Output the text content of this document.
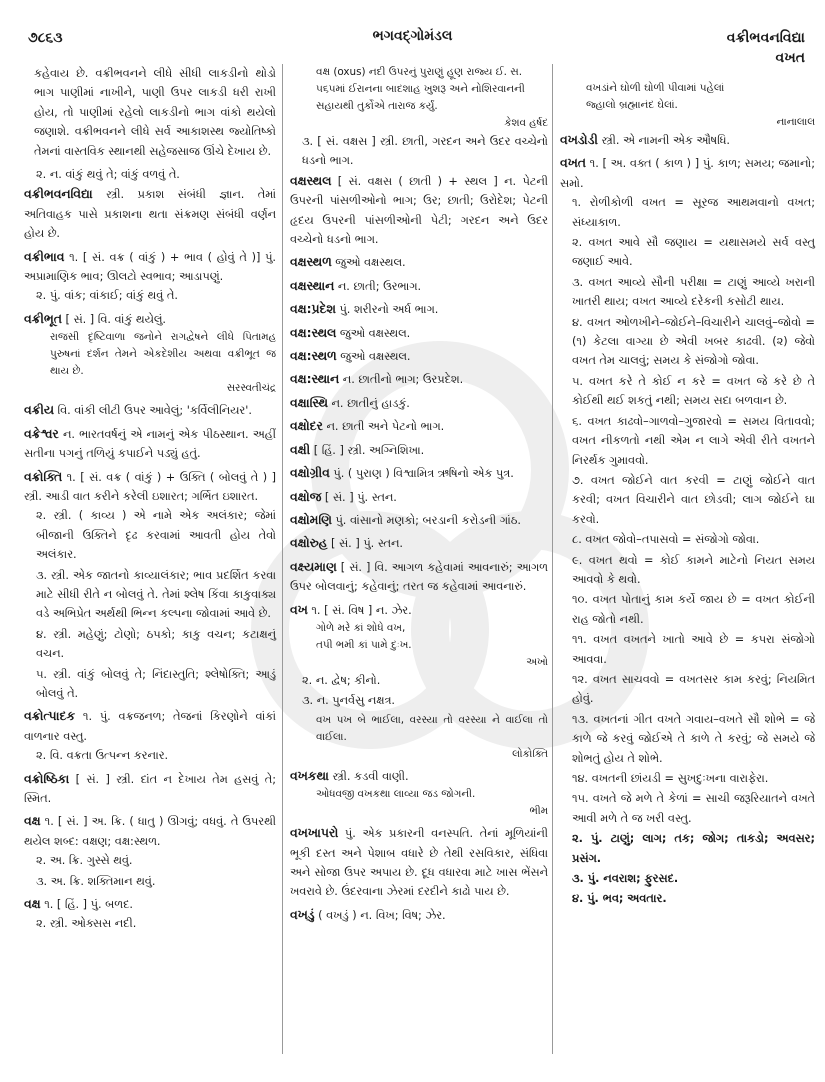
૭૮૬૩	ભગવદ્ગોમંડલ	વક્રીભવનવિદ્યા
વખત
કહેવાય છે. વક્રીભવનને લીધે સીધી લાકડીનો થોડો ભાગ પાણીમાં નાખીને, પાણી ઉપર લાકડી ધરી રાખી હોય, તો પાણીમાં રહેલો લાકડીનો ભાગ વાંકો થયેલો જણાશે. વક્રીભવનને લીધે સર્વ આકાશસ્થ જ્યોતિષ્કો તેમનાં વાસ્તવિક સ્થાનથી સહેજસાજ ઊંચે દેખાય છે.
૨. ન. વાંકું થવું તે; વાંકું વળવું તે.
વક્રીભવનવિદ્યા સ્ત્રી. પ્રકાશ સંબંધી જ્ઞાન. તેમાં અતિવાહક પાસે પ્રકાશના થતા સંક્રમણ સંબંધી વર્ણન હોય છે.
વક્રીભાવ ૧. [ સં. વક્ર ( વાંકું ) + ભાવ ( હોવું તે )] પું. અપ્રામાણિક ભાવ; ઊલટો સ્વભાવ; આડાપણું.
૨. પું. વાંક; વાંકાઈ; વાંકું થવું તે.
વક્રીભૂત [ સં. ] વિ. વાંકું થયેલું.
રાજસી દૃષ્ટિવાળા જનોને રાગદ્વેષને લીધે પિતામહ પુરુષનાં દર્શન તેમને એકદેશીય અથવા વક્રીભૂત જ થાય છે.
સરસ્વતીચંદ્ર
વક્રીય વિ. વાંકી લીટી ઉપર આવેલું; 'કર્વિલીનિયર'.
વક્રેશ્વર ન. ભારતવર્ષનું એ નામનું એક પીઠસ્થાન. અહીં સતીના પગનું તળિયું કપાઈને પડ્યું હતું.
વક્રોક્તિ ૧. [ સં. વક્ર ( વાંકું ) + ઉક્તિ ( બોલવું તે ) ] સ્ત્રી. આડી વાત કરીને કરેલી ઇશારત; ગર્ભિત ઇશારત.
૨. સ્ત્રી. ( કાવ્ય ) એ નામે એક અલંકાર; જેમાં બીજાની ઉક્તિને દૃઢ કરવામાં આવતી હોય તેવો અલંકાર.
૩. સ્ત્રી. એક જાતનો કાવ્યાલંકાર; ભાવ પ્રદર્શિત કરવા માટે સીધી રીતે ન બોલવું તે. તેમાં શ્લેષ કિંવા કાકુવાક્ય વડે અભિપ્રેત અર્થથી ભિન્ન કલ્પના જોવામાં આવે છે.
૪. સ્ત્રી. મહેણું; ટોણો; ઠપકો; કાકુ વચન; કટાક્ષનું વચન.
૫. સ્ત્રી. વાંકું બોલવું તે; નિંદાસ્તુતિ; શ્લેષોક્તિ; આડું બોલવું તે.
વક્રોત્પાદક ૧. પું. વક્રજનળ; તેજનાં કિરણોને વાંકાં વાળનાર વસ્તુ.
૨. વિ. વક્રતા ઉત્પન્ન કરનાર.
વક્રોષ્ઠિકા [ સં. ] સ્ત્રી. દાંત ન દેખાય તેમ હસવું તે; સ્મિત.
વક્ષ ૧. [ સં. ] અ. ક્રિ. ( ધાતુ ) ઊગવું; વધવું. તે ઉપરથી થયેલ શબ્દ: વક્ષણ; વક્ષ:સ્થળ.
૨. અ. ક્રિ. ગુસ્સે થવું.
૩. અ. ક્રિ. શક્તિમાન થવું.
વક્ષ ૧. [ હિં. ] પું. બળદ.
૨. સ્ત્રી. ઓક્સસ નદી.
વક્ષ (oxus) નદી ઉપરનું પુરાણું હૂણ રાજ્ય ઈ. સ. ૫૬૫માં ઈરાનના બાદશાહ ખુશરૂ અને નોશિરવાનની સહાયથી તુર્કોએ તારાજ કર્યું.
કેશવ હર્ષદ
૩. [ સં. વક્ષસ ] સ્ત્રી. છાતી, ગરદન અને ઉદર વચ્ચેનો ધડનો ભાગ.
વક્ષસ્થલ [ સં. વક્ષસ ( છાતી ) + સ્થલ ] ન. પેટની ઉપરની પાંસળીઓનો ભાગ; ઉર; છાતી; ઉરોદેશ; પેટની હૃદય ઉપરની પાંસળીઓની પેટી; ગરદન અને ઉદર વચ્ચેનો ધડનો ભાગ.
વક્ષસ્થળ જુઓ વક્ષસ્થલ.
વક્ષસ્થાન ન. છાતી; ઉરભાગ.
વક્ષ:પ્રદેશ પું. શરીરનો અર્ધ ભાગ.
વક્ષ:સ્થલ જુઓ વક્ષસ્થલ.
વક્ષ:સ્થળ જુઓ વક્ષસ્થલ.
વક્ષ:સ્થાન ન. છાતીનો ભાગ; ઉરપ્રદેશ.
વક્ષાસ્થિ ન. છાતીનું હાડકું.
વક્ષોદર ન. છાતી અને પેટનો ભાગ.
વક્ષી [ હિં. ] સ્ત્રી. અગ્નિશિખા.
વક્ષોગ્રીવ પું. ( પુરાણ ) વિશ્વામિત્ર ઋષિનો એક પુત્ર.
વક્ષોજ [ સં. ] પું. સ્તન.
વક્ષોમણિ પું. વાંસાનો મણકો; બરડાની કરોડની ગાંઠ.
વક્ષોરુહ [ સં. ] પું. સ્તન.
વક્ષ્યમાણ [ સં. ] વિ. આગળ કહેવામાં આવનારું; આગળ ઉપર બોલવાનું; કહેવાનું; તરત જ કહેવામાં આવનારું.
વખ ૧. [ સં. વિષ ] ન. ઝેર.
ગોળે મરે કાં શોધે વખ,
તપી ભમી કાં પામે દુઃખ.
અખો
૨. ન. દ્વેષ; કીનો.
૩. ન. પુનર્વસુ નક્ષત્ર.
વખ પખ બે ભાઈલા, વરસ્યા તો વરસ્યા ને વાઈલા તો વાઈલા.
લોકોક્તિ
વખકથા સ્ત્રી. કડવી વાણી.
ઓધવજી વખકથા લાવ્યા જડ જોગની.
ભીમ
વખખાપરો પું. એક પ્રકારની વનસ્પતિ. તેનાં મૂળિયાંની ભૂકી દસ્ત અને પેશાબ વધારે છે તેથી રસવિકાર, સંધિવા અને સોજા ઉપર અપાય છે. દૂધ વધારવા માટે ખાસ ભેંસને ખવરાવે છે. ઉંદરવાના ઝેરમાં દરદીને કાઢો પાય છે.
વખડું ( વખડું ) ન. વિખ; વિષ; ઝેર.
વખડાંને ઘોળી ઘોળી પીવામાં પહેલાં
જ્હાલો બ્રહ્માનંદ ઘેલાં.
નાનાલાલ
વખડોડી સ્ત્રી. એ નામની એક ઔષધિ.
વખત ૧. [ અ. વક્ત ( કાળ ) ] પું. કાળ; સમય; જમાનો; સમો.
૧. રોળીકોળી વખત = સૂરજ આથમવાનો વખત; સંધ્યાકાળ.
૨. વખત આવે સૌ જણાય = યથાસમયે સર્વ વસ્તુ જણાઈ આવે.
૩. વખત આવ્યે સૌની પરીક્ષા = ટાણું આવ્યે ખરાની ખાતરી થાય; વખત આવ્યે દરેકની કસોટી થાય.
૪. વખત ઓળખીને–જોઈને–વિચારીને ચાલવું–જોવો = (૧) કેટલા વાગ્યા છે એવી ખબર કાઢવી. (૨) જેવો વખત તેમ ચાલવું; સમય કે સંજોગો જોવા.
૫. વખત કરે તે કોઈ ન કરે = વખત જે કરે છે તે કોઈથી થઈ શકતું નથી; સમય સદા બળવાન છે.
૬. વખત કાઢવો–ગાળવો–ગુજારવો = સમય વિતાવવો; વખત નીકળતો નથી એમ ન લાગે એવી રીતે વખતને નિરર્થક ગુમાવવો.
૭. વખત જોઈને વાત કરવી = ટાણું જોઈને વાત કરવી; વખત વિચારીને વાત છોડવી; લાગ જોઈને ઘા કરવો.
૮. વખત જોવો–તપાસવો = સંજોગો જોવા.
૯. વખત થવો = કોઈ કામને માટેનો નિયત સમય આવવો કે થવો.
૧૦. વખત પોતાનું કામ કર્યે જાય છે = વખત કોઈની રાહ જોતો નથી.
૧૧. વખત વખતને ખાતો આવે છે = કપરા સંજોગો આવવા.
૧૨. વખત સાચવવો = વખતસર કામ કરવું; નિયમિત હોવું.
૧૩. વખતનાં ગીત વખતે ગવાય–વખતે સૌ શોભે = જે કાળે જે કરવું જોઈએ તે કાળે તે કરવું; જે સમયે જે શોભતું હોય તે શોભે.
૧૪. વખતની છાંયડી = સુખદુઃખના વારાફેરા.
૧૫. વખતે જે મળે તે કેળાં = સાચી જરૂરિયાતને વખતે આવી મળે તે જ ખરી વસ્તુ.
૨. પું. ટાણું; લાગ; તક; જોગ; તાકડો; અવસર; પ્રસંગ.
૩. પું. નવરાશ; ફુરસદ.
૪. પું. ભવ; અવતાર.
